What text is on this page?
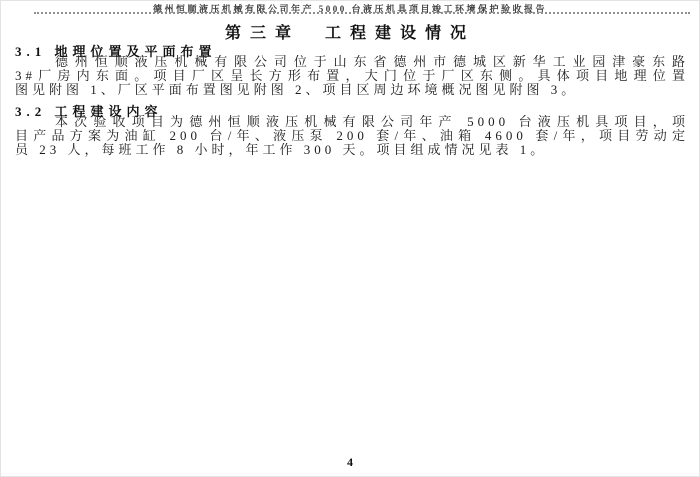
德州恒顺液压机械有限公司年产 5000 台液压机具项目竣工环境保护验收报告
第三章　工程建设情况
3.1 地理位置及平面布置
德州恒顺液压机械有限公司位于山东省德州市德城区新华工业园津豪东路
3#厂房内东面。项目厂区呈长方形布置，大门位于厂区东侧。具体项目地理位置
图见附图 1、厂区平面布置图见附图 2、项目区周边环境概况图见附图 3。
3.2 工程建设内容
本次验收项目为德州恒顺液压机械有限公司年产 5000 台液压机具项目，项
目产品方案为油缸 200 台/年、液压泵 200 套/年、油箱 4600 套/年，项目劳动定
员 23 人，每班工作 8 小时，年工作 300 天。项目组成情况见表 1。
4
